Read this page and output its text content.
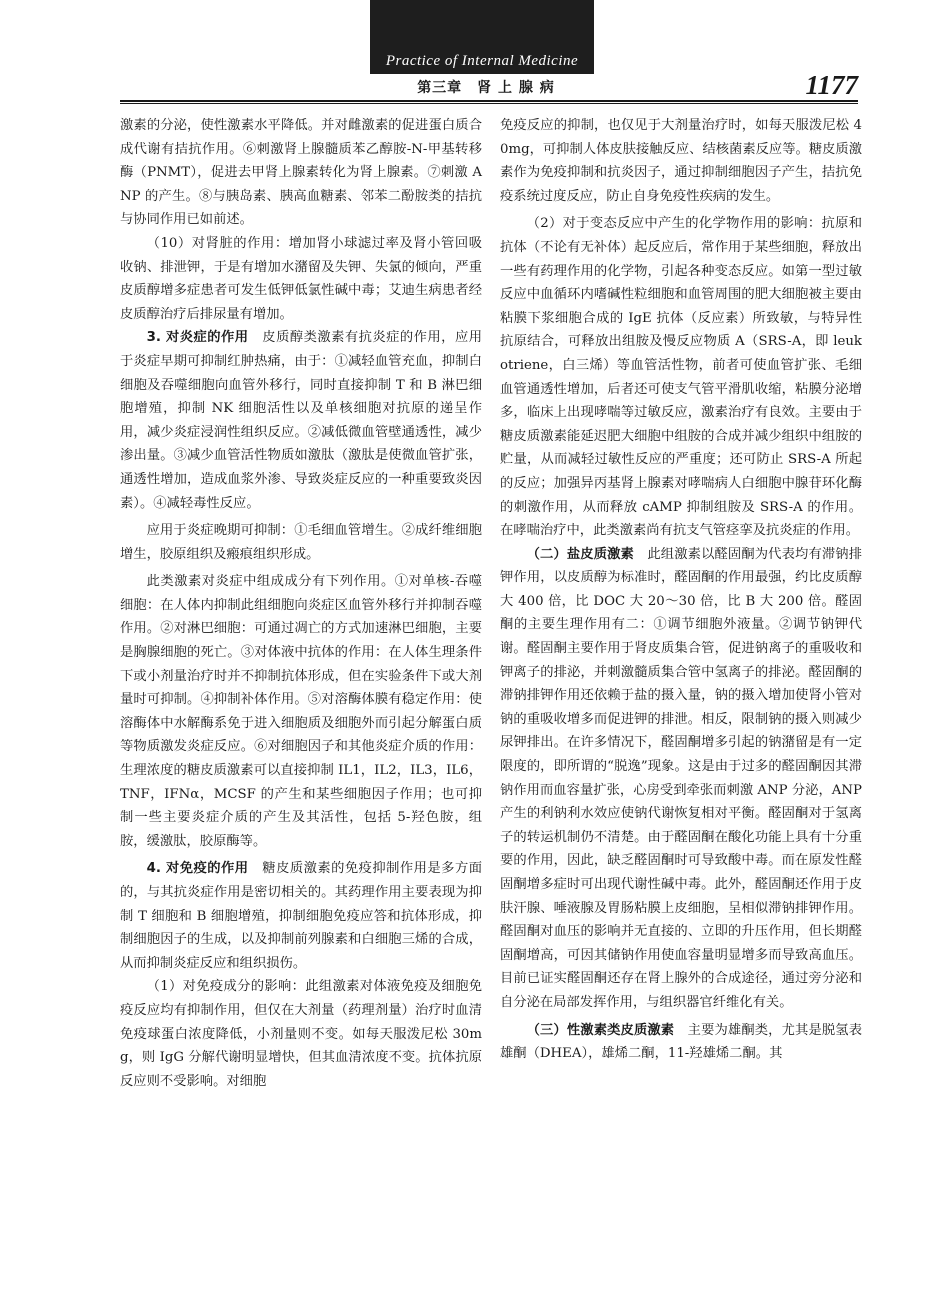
Practice of Internal Medicine
第三章　肾 上 腺 病	1177

激素的分泌，使性激素水平降低。并对雌激素的促进蛋白质合成代谢有拮抗作用。⑥刺激肾上腺髓质苯乙醇胺-N-甲基转移酶（PNMT），促进去甲肾上腺素转化为肾上腺素。⑦刺激 ANP 的产生。⑧与胰岛素、胰高血糖素、邻苯二酚胺类的拮抗与协同作用已如前述。

（10）对肾脏的作用：增加肾小球滤过率及肾小管回吸收钠、排泄钾，于是有增加水潴留及失钾、失氯的倾向，严重皮质醇增多症患者可发生低钾低氯性碱中毒；艾迪生病患者经皮质醇治疗后排尿量有增加。

3. 对炎症的作用　皮质醇类激素有抗炎症的作用，应用于炎症早期可抑制红肿热痛，由于：①减轻血管充血，抑制白细胞及吞噬细胞向血管外移行，同时直接抑制 T 和 B 淋巴细胞增殖，抑制 NK 细胞活性以及单核细胞对抗原的递呈作用，减少炎症浸润性组织反应。②减低微血管壁通透性，减少渗出量。③减少血管活性物质如激肽（激肽是使微血管扩张，通透性增加，造成血浆外渗、导致炎症反应的一种重要致炎因素）。④减轻毒性反应。

应用于炎症晚期可抑制：①毛细血管增生。②成纤维细胞增生，胶原组织及瘢痕组织形成。

此类激素对炎症中组成成分有下列作用。①对单核-吞噬细胞：在人体内抑制此组细胞向炎症区血管外移行并抑制吞噬作用。②对淋巴细胞：可通过凋亡的方式加速淋巴细胞，主要是胸腺细胞的死亡。③对体液中抗体的作用：在人体生理条件下或小剂量治疗时并不抑制抗体形成，但在实验条件下或大剂量时可抑制。④抑制补体作用。⑤对溶酶体膜有稳定作用：使溶酶体中水解酶系免于进入细胞质及细胞外而引起分解蛋白质等物质激发炎症反应。⑥对细胞因子和其他炎症介质的作用：生理浓度的糖皮质激素可以直接抑制 IL1，IL2，IL3，IL6，TNF，IFNα，MCSF 的产生和某些细胞因子作用；也可抑制一些主要炎症介质的产生及其活性，包括 5-羟色胺，组胺，缓激肽，胶原酶等。

4. 对免疫的作用　糖皮质激素的免疫抑制作用是多方面的，与其抗炎症作用是密切相关的。其药理作用主要表现为抑制 T 细胞和 B 细胞增殖，抑制细胞免疫应答和抗体形成，抑制细胞因子的生成，以及抑制前列腺素和白细胞三烯的合成，从而抑制炎症反应和组织损伤。

（1）对免疫成分的影响：此组激素对体液免疫及细胞免疫反应均有抑制作用，但仅在大剂量（药理剂量）治疗时血清免疫球蛋白浓度降低，小剂量则不变。如每天服泼尼松 30mg，则 IgG 分解代谢明显增快，但其血清浓度不变。抗体抗原反应则不受影响。对细胞

免疫反应的抑制，也仅见于大剂量治疗时，如每天服泼尼松 40mg，可抑制人体皮肤接触反应、结核菌素反应等。糖皮质激素作为免疫抑制和抗炎因子，通过抑制细胞因子产生，拮抗免疫系统过度反应，防止自身免疫性疾病的发生。

（2）对于变态反应中产生的化学物作用的影响：抗原和抗体（不论有无补体）起反应后，常作用于某些细胞，释放出一些有药理作用的化学物，引起各种变态反应。如第一型过敏反应中血循环内嗜碱性粒细胞和血管周围的肥大细胞被主要由粘膜下浆细胞合成的 IgE 抗体（反应素）所致敏，与特异性抗原结合，可释放出组胺及慢反应物质 A（SRS-A，即 leukotriene，白三烯）等血管活性物，前者可使血管扩张、毛细血管通透性增加，后者还可使支气管平滑肌收缩，粘膜分泌增多，临床上出现哮喘等过敏反应，激素治疗有良效。主要由于糖皮质激素能延迟肥大细胞中组胺的合成并减少组织中组胺的贮量，从而减轻过敏性反应的严重度；还可防止 SRS-A 所起的反应；加强异丙基肾上腺素对哮喘病人白细胞中腺苷环化酶的刺激作用，从而释放 cAMP 抑制组胺及 SRS-A 的作用。在哮喘治疗中，此类激素尚有抗支气管痉挛及抗炎症的作用。

（二）盐皮质激素　此组激素以醛固酮为代表均有滞钠排钾作用，以皮质醇为标准时，醛固酮的作用最强，约比皮质醇大 400 倍，比 DOC 大 20～30 倍，比 B 大 200 倍。醛固酮的主要生理作用有二：①调节细胞外液量。②调节钠钾代谢。醛固酮主要作用于肾皮质集合管，促进钠离子的重吸收和钾离子的排泌，并刺激髓质集合管中氢离子的排泌。醛固酮的滞钠排钾作用还依赖于盐的摄入量，钠的摄入增加使肾小管对钠的重吸收增多而促进钾的排泄。相反，限制钠的摄入则减少尿钾排出。在许多情况下，醛固酮增多引起的钠潴留是有一定限度的，即所谓的“脱逸”现象。这是由于过多的醛固酮因其滞钠作用而血容量扩张，心房受到牵张而刺激 ANP 分泌，ANP 产生的利钠利水效应使钠代谢恢复相对平衡。醛固酮对于氢离子的转运机制仍不清楚。由于醛固酮在酸化功能上具有十分重要的作用，因此，缺乏醛固酮时可导致酸中毒。而在原发性醛固酮增多症时可出现代谢性碱中毒。此外，醛固酮还作用于皮肤汗腺、唾液腺及胃肠粘膜上皮细胞，呈相似滞钠排钾作用。醛固酮对血压的影响并无直接的、立即的升压作用，但长期醛固酮增高，可因其储钠作用使血容量明显增多而导致高血压。目前已证实醛固酮还存在肾上腺外的合成途径，通过旁分泌和自分泌在局部发挥作用，与组织器官纤维化有关。

（三）性激素类皮质激素　主要为雄酮类，尤其是脱氢表雄酮（DHEA），雄烯二酮，11-羟雄烯二酮。其
